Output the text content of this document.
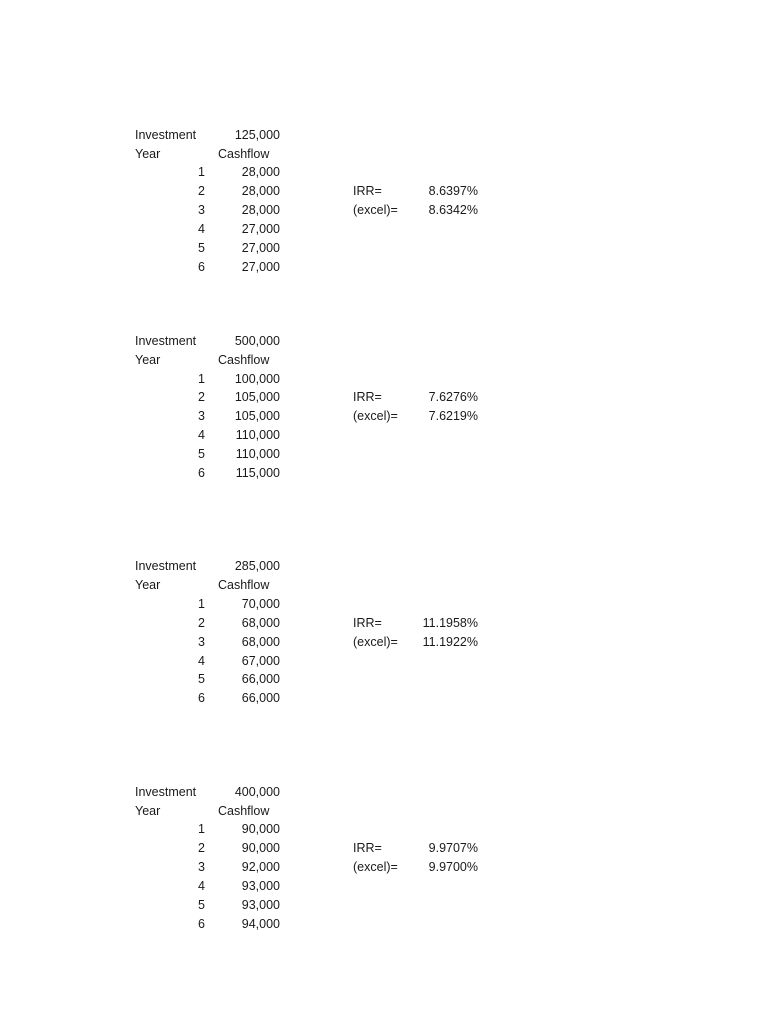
Investment	125,000
Year	Cashflow
1	28,000
2	28,000	IRR=	8.6397%
3	28,000	(excel)= 8.6342%
4	27,000
5	27,000
6	27,000
Investment	500,000
Year	Cashflow
1 100,000
2 105,000	IRR=	7.6276%
3 105,000	(excel)= 7.6219%
4 110,000
5 110,000
6 115,000
Investment	285,000
Year	Cashflow
1	70,000
2	68,000	IRR=	11.1958%
3	68,000	(excel)= 11.1922%
4	67,000
5	66,000
6	66,000
Investment	400,000
Year	Cashflow
1	90,000
2	90,000	IRR=	9.9707%
3	92,000	(excel)= 9.9700%
4	93,000
5	93,000
6	94,000
